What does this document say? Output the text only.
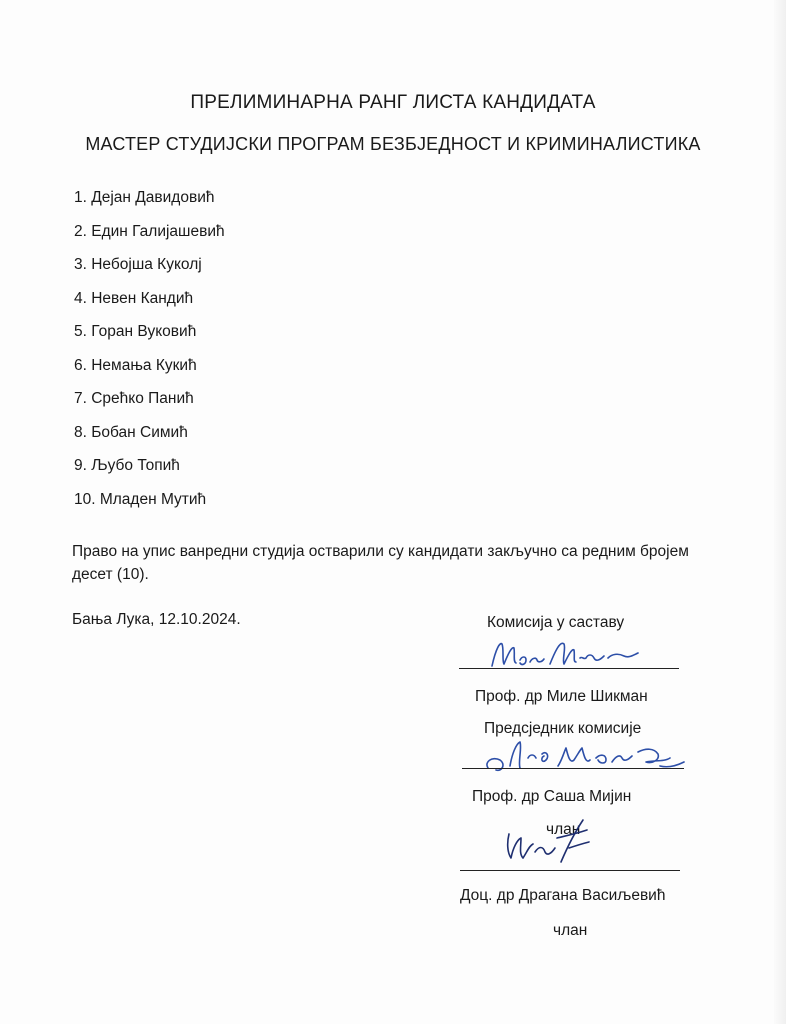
ПРЕЛИМИНАРНА РАНГ ЛИСТА КАНДИДАТА
МАСТЕР СТУДИЈСКИ ПРОГРАМ БЕЗБЈЕДНОСТ И КРИМИНАЛИСТИКА
1. Дејан Давидовић
2. Един Галијашевић
3. Небојша Куколј
4. Невен Кандић
5. Горан Вуковић
6. Немања Кукић
7. Срећко Панић
8. Бобан Симић
9. Љубо Топић
10. Младен Мутић

Право на упис ванредни студија остварили су кандидати закључно са редним бројем десет (10).

Бања Лука, 12.10.2024.	Комисија у саставу

Проф. др Миле Шикман

Предсједник комисије

Проф. др Саша Мијин

члан

Доц. др Драгана Васиљевић

члан
